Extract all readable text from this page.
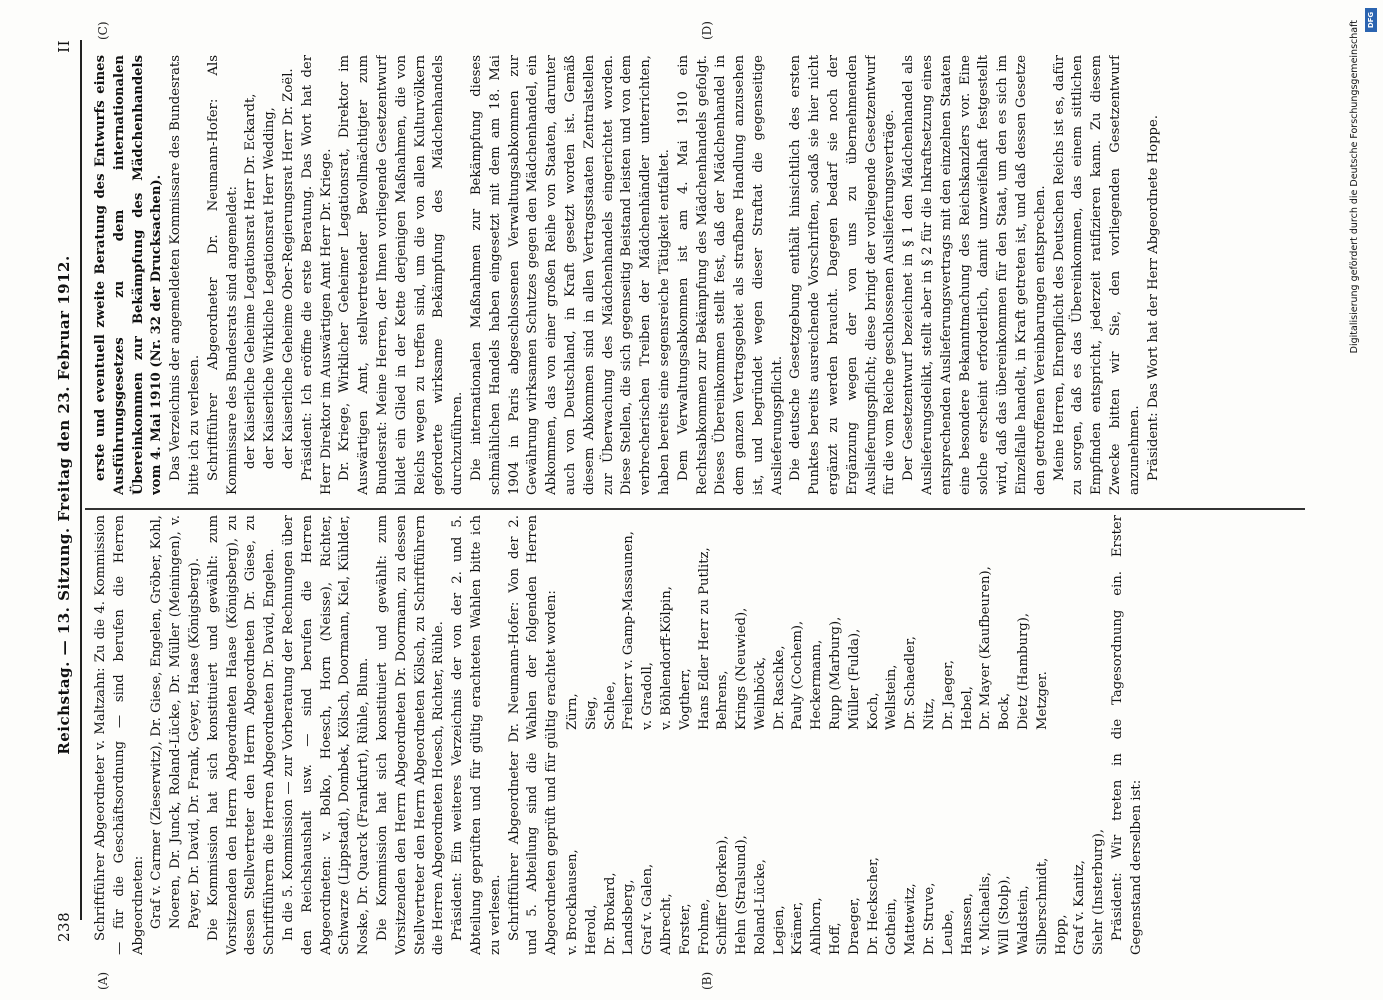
238
Reichstag. — 13. Sitzung. Freitag den 23. Februar 1912.
II
(A)	(B)
(C)	(D)

Schriftführer Abgeordneter v. Maltzahn: Zu die 4. Kommission — für die Geschäftsordnung — sind berufen die Herren Abgeordneten: Graf v. Carmer (Zieserwitz), Dr. Giese, Engelen, Gröber, Kohl, Noeren, Dr. Junck, Roland-Lücke, Dr. Müller (Meiningen), v. Payer, Dr. David, Dr. Frank, Geyer, Haase (Königsberg). Die Kommission hat sich konstituiert und gewählt: zum Vorsitzenden den Herrn Abgeordneten Haase (Königsberg), zu dessen Stellvertreter den Herrn Abgeordneten Dr. Giese, zu Schriftführern die Herren Abgeordneten Dr. David, Engelen. In die 5. Kommission — zur Vorberatung der Rechnungen über den Reichshaushalt usw. — sind berufen die Herren Abgeordneten: v. Bolko, Hoesch, Horn (Neisse), Richter, Schwarze (Lippstadt), Dombek, Kölsch, Doormann, Kiel, Kühlder, Noske, Dr. Quarck (Frankfurt), Rühle, Blum. Die Kommission hat sich konstituiert und gewählt: zum Vorsitzenden den Herrn Abgeordneten Dr. Doormann, zu dessen Stellvertreter den Herrn Abgeordneten Kölsch, zu Schriftführern die Herren Abgeordneten Hoesch, Richter, Rühle. Präsident: Ein weiteres Verzeichnis der von der 2. und 5. Abteilung geprüften und für gültig erachteten Wahlen bitte ich zu verlesen. Schriftführer Abgeordneter Dr. Neumann-Hofer: Von der 2. und 5. Abteilung sind die Wahlen der folgenden Herren Abgeordneten geprüft und für gültig erachtet worden: v. Brockhausen,
Zürn,
Herold,
Sieg,
Dr. Brokard,
Schlee,
Landsberg,
Freiherr v. Gamp-Massaunen,
Graf v. Galen,
v. Gradoll,
Albrecht,
v. Böhlendorff-Kölpin,
Forster,
Vogtherr,
Frohme,
Hans Edler Herr zu Putlitz,
Schiffer (Borken),
Behrens,
Hehn (Stralsund),
Krings (Neuwied),
Roland-Lücke,
Weilnböck,
Legien,
Dr. Raschke,
Krämer,
Pauly (Cochem),
Ahlhorn,
Heckermann,
Hoff,
Rupp (Marburg),
Draeger,
Müller (Fulda),
Dr. Heckscher,
Koch,
Gothein,
Wellstein,
Mattewitz,
Dr. Schaedler,
Dr. Struve,
Nitz,
Leube,
Dr. Jaeger,
Hanssen,
Hebel,
v. Michaelis,
Dr. Mayer (Kaufbeuren),
Will (Stolp),
Bock,
Waldstein,
Dietz (Hamburg),
Silberschmidt,
Metzger.
Hopp, Graf v. Kanitz, Siehr (Insterburg), Präsident: Wir treten in die Tagesordnung ein. Erster Gegenstand derselben ist:

erste und eventuell zweite Beratung des Entwurfs eines Ausführungsgesetzes zu dem internationalen Übereinkommen zur Bekämpfung des Mädchenhandels vom 4. Mai 1910 (Nr. 32 der Drucksachen). Das Verzeichnis der angemeldeten Kommissare des Bundesrats bitte ich zu verlesen. Schriftführer Abgeordneter Dr. Neumann-Hofer: Als Kommissare des Bundesrats sind angemeldet: der Kaiserliche Geheime Legationsrat Herr Dr. Eckardt, der Kaiserliche Wirkliche Legationsrat Herr Wedding, der Kaiserliche Geheime Ober-Regierungsrat Herr Dr. Zoël. Präsident: Ich eröffne die erste Beratung. Das Wort hat der Herr Direktor im Auswärtigen Amt Herr Dr. Kriege. Dr. Kriege, Wirklicher Geheimer Legationsrat, Direktor im Auswärtigen Amt, stellvertretender Bevollmächtigter zum Bundesrat: Meine Herren, der Ihnen vorliegende Gesetzentwurf bildet ein Glied in der Kette derjenigen Maßnahmen, die von Reichs wegen zu treffen sind, um die von allen Kulturvölkern geforderte wirksame Bekämpfung des Mädchenhandels durchzuführen. Die internationalen Maßnahmen zur Bekämpfung dieses schmählichen Handels haben eingesetzt mit dem am 18. Mai 1904 in Paris abgeschlossenen Verwaltungsabkommen zur Gewährung wirksamen Schutzes gegen den Mädchenhandel, ein Abkommen, das von einer großen Reihe von Staaten, darunter auch von Deutschland, in Kraft gesetzt worden ist. Gemäß diesem Abkommen sind in allen Vertragsstaaten Zentralstellen zur Überwachung des Mädchenhandels eingerichtet worden. Diese Stellen, die sich gegenseitig Beistand leisten und von dem verbrecherischen Treiben der Mädchenhändler unterrichten, haben bereits eine segensreiche Tätigkeit entfaltet. Dem Verwaltungsabkommen ist am 4. Mai 1910 ein Rechtsabkommen zur Bekämpfung des Mädchenhandels gefolgt. Dieses Übereinkommen stellt fest, daß der Mädchenhandel in dem ganzen Vertragsgebiet als strafbare Handlung anzusehen ist, und begründet wegen dieser Straftat die gegenseitige Auslieferungspflicht. Die deutsche Gesetzgebung enthält hinsichtlich des ersten Punktes bereits ausreichende Vorschriften, sodaß sie hier nicht ergänzt zu werden braucht. Dagegen bedarf sie noch der Ergänzung wegen der von uns zu übernehmenden Auslieferungspflicht; diese bringt der vorliegende Gesetzentwurf für die vom Reiche geschlossenen Auslieferungsverträge. Der Gesetzentwurf bezeichnet in § 1 den Mädchenhandel als Auslieferungsdelikt, stellt aber in § 2 für die Inkraftsetzung eines entsprechenden Auslieferungsvertrags mit den einzelnen Staaten eine besondere Bekanntmachung des Reichskanzlers vor. Eine solche erscheint erforderlich, damit unzweifelhaft festgestellt wird, daß das übereinkommen für den Staat, um den es sich im Einzelfalle handelt, in Kraft getreten ist, und daß dessen Gesetze den getroffenen Vereinbarungen entsprechen. Meine Herren, Ehrenpflicht des Deutschen Reichs ist es, dafür zu sorgen, daß es das Übereinkommen, das einem sittlichen Empfinden entspricht, jederzeit ratifizieren kann. Zu diesem Zwecke bitten wir Sie, den vorliegenden Gesetzentwurf anzunehmen. Präsident: Das Wort hat der Herr Abgeordnete Hoppe.	Digitalisierung gefördert durch die Deutsche Forschungsgemeinschaft DFG
